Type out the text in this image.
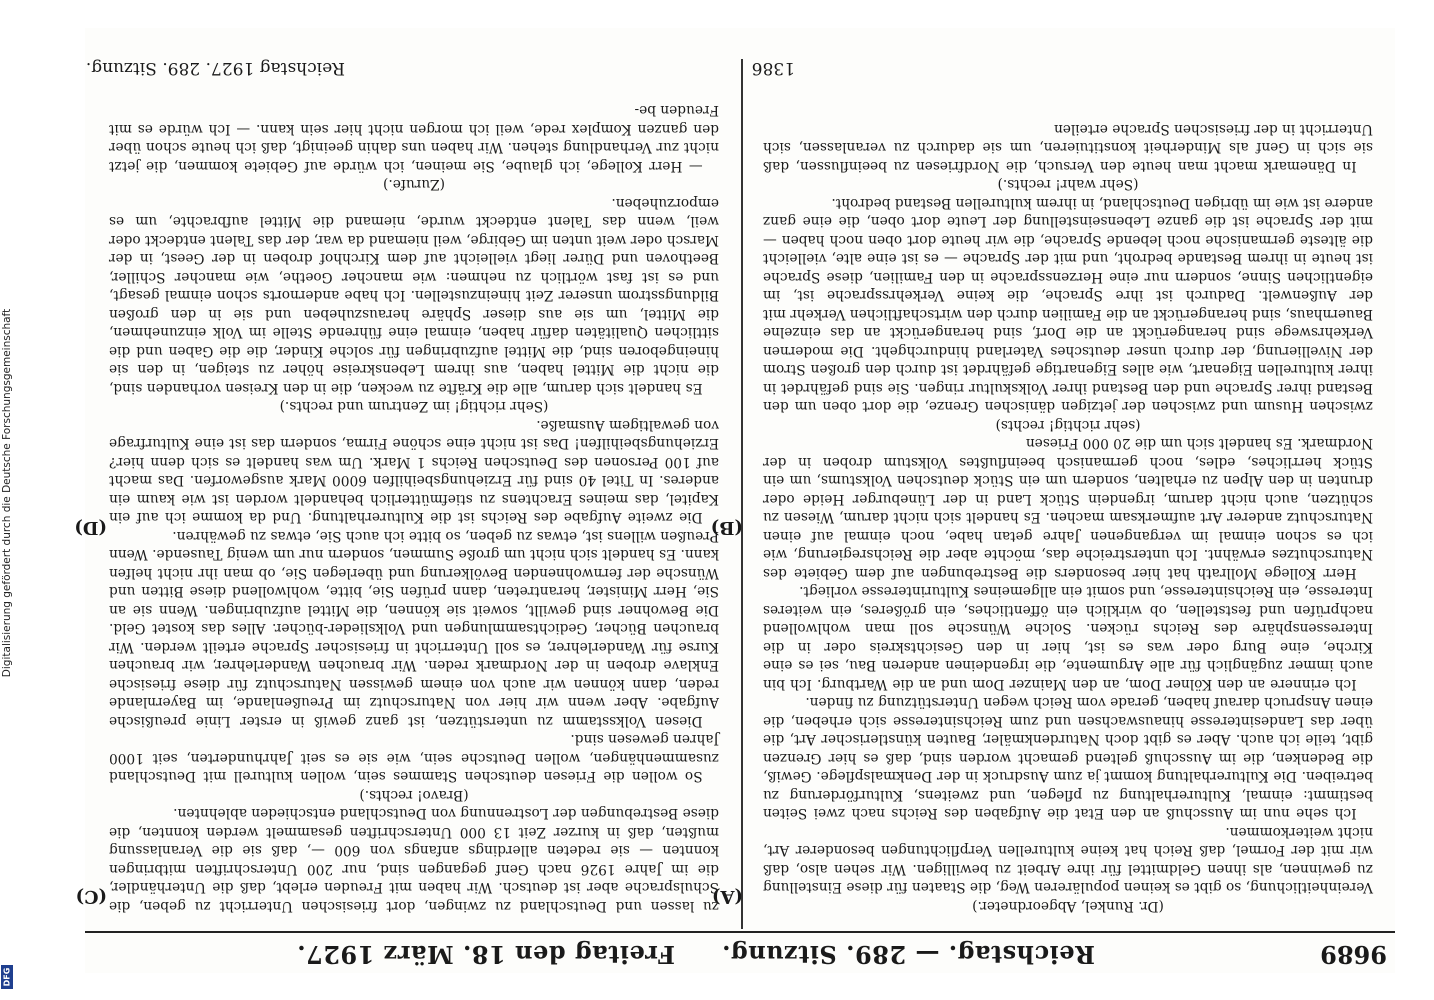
9689
Reichstag. — 289. Sitzung.
Freitag den 18. März 1927.
(A)
(B)
(C)
(D)

(Dr. Runkel, Abgeordneter.)

Vereinheitlichung, so gibt es keinen populäreren Weg, die Staaten für diese Einstellung zu gewinnen, als ihnen Geldmittel für ihre Arbeit zu bewilligen. Wir sehen also, daß wir mit der Formel, daß Reich hat keine kulturellen Verpflichtungen besonderer Art, nicht weiterkommen.

Ich sehe nun im Ausschuß an den Etat die Aufgaben des Reichs nach zwei Seiten bestimmt: einmal, Kulturerhaltung zu pflegen, und zweitens, Kulturförderung zu betreiben. Die Kulturerhaltung kommt ja zum Ausdruck in der Denkmalspflege. Gewiß, die Bedenken, die im Ausschuß geltend gemacht worden sind, daß es hier Grenzen gibt, teile ich auch. Aber es gibt doch Naturdenkmäler, Bauten künstlerischer Art, die über das Landesinteresse hinauswachsen und zum Reichsinteresse sich erheben, die einen Anspruch darauf haben, gerade vom Reich wegen Unterstützung zu finden.

Ich erinnere an den Kölner Dom, an den Mainzer Dom und an die Wartburg. Ich bin auch immer zugänglich für alle Argumente, die irgendeinen anderen Bau, sei es eine Kirche, eine Burg oder was es ist, hier in den Gesichtskreis oder in die Interessensphäre des Reichs rücken. Solche Wünsche soll man wohlwollend nachprüfen und feststellen, ob wirklich ein öffentliches, ein größeres, ein weiteres Interesse, ein Reichsinteresse, und somit ein allgemeines Kulturinteresse vorliegt.

Herr Kollege Mollrath hat hier besonders die Bestrebungen auf dem Gebiete des Naturschutzes erwähnt. Ich unterstreiche das, möchte aber die Reichsregierung, wie ich es schon einmal im vergangenen Jahre getan habe, noch einmal auf einen Naturschutz anderer Art aufmerksam machen. Es handelt sich nicht darum, Wiesen zu schützen, auch nicht darum, irgendein Stück Land in der Lüneburger Heide oder drunten in den Alpen zu erhalten, sondern um ein Stück deutschen Volkstums, um ein Stück herrliches, edles, noch germanisch beeinflußtes Volkstum droben in der Nordmark. Es handelt sich um die 20 000 Friesen

(sehr richtig! rechts)

zwischen Husum und zwischen der jetzigen dänischen Grenze, die dort oben um den Bestand ihrer Sprache und den Bestand ihrer Volkskultur ringen. Sie sind gefährdet in ihrer kulturellen Eigenart, wie alles Eigenartige gefährdet ist durch den großen Strom der Nivellierung, der durch unser deutsches Vaterland hindurchgeht. Die modernen Verkehrswege sind herangerückt an die Dorf, sind herangerückt an das einzelne Bauernhaus, sind herangerückt an die Familien durch den wirtschaftlichen Verkehr mit der Außenwelt. Dadurch ist ihre Sprache, die keine Verkehrssprache ist, im eigentlichen Sinne, sondern nur eine Herzenssprache in den Familien, diese Sprache ist heute in ihrem Bestande bedroht, und mit der Sprache — es ist eine alte, vielleicht die älteste germanische noch lebende Sprache, die wir heute dort oben noch haben — mit der Sprache ist die ganze Lebenseinstellung der Leute dort oben, die eine ganz andere ist wie im übrigen Deutschland, in ihrem kulturellen Bestand bedroht.

(Sehr wahr! rechts.)

In Dänemark macht man heute den Versuch, die Nordfriesen zu beeinflussen, daß sie sich in Genf als Minderheit konstituieren, um sie dadurch zu veranlassen, sich Unterricht in der friesischen Sprache erteilen

zu lassen und Deutschland zu zwingen, dort friesischen Unterricht zu geben, die Schulsprache aber ist deutsch. Wir haben mit Freuden erlebt, daß die Unterhändler, die im Jahre 1926 nach Genf gegangen sind, nur 200 Unterschriften mitbringen konnten — sie redeten allerdings anfangs von 600 —, daß sie die Veranlassung mußten, daß in kurzer Zeit 13 000 Unterschriften gesammelt werden konnten, die diese Bestrebungen der Lostrennung von Deutschland entschieden ablehnten.

(Bravo! rechts.)

So wollen die Friesen deutschen Stammes sein, wollen kulturell mit Deutschland zusammenhängen, wollen Deutsche sein, wie sie es seit Jahrhunderten, seit 1000 Jahren gewesen sind.

Diesen Volksstamm zu unterstützen, ist ganz gewiß in erster Linie preußische Aufgabe. Aber wenn wir hier von Naturschutz im Preußenlande, im Bayernlande reden, dann können wir auch von einem gewissen Naturschutz für diese friesische Enklave droben in der Nordmark reden. Wir brauchen Wanderlehrer, wir brauchen Kurse für Wanderlehrer, es soll Unterricht in friesischer Sprache erteilt werden. Wir brauchen Bücher, Gedichtsammlungen und Volkslieder-bücher. Alles das kostet Geld. Die Bewohner sind gewillt, soweit sie können, die Mittel aufzubringen. Wenn sie an Sie, Herr Minister, herantreten, dann prüfen Sie, bitte, wohlwollend diese Bitten und Wünsche der fernwohnenden Bevölkerung und überlegen Sie, ob man ihr nicht helfen kann. Es handelt sich nicht um große Summen, sondern nur um wenig Tausende. Wenn Preußen willens ist, etwas zu geben, so bitte ich auch Sie, etwas zu gewähren.

Die zweite Aufgabe des Reichs ist die Kulturerhaltung. Und da komme ich auf ein Kapitel, das meines Erachtens zu stiefmütterlich behandelt worden ist wie kaum ein anderes. In Titel 40 sind für Erziehungsbeihilfen 6000 Mark ausgeworfen. Das macht auf 100 Personen des Deutschen Reichs 1 Mark. Um was handelt es sich denn hier? Erziehungsbeihilfen! Das ist nicht eine schöne Firma, sondern das ist eine Kulturfrage von gewaltigem Ausmaße.

(Sehr richtig! im Zentrum und rechts.)

Es handelt sich darum, alle die Kräfte zu wecken, die in den Kreisen vorhanden sind, die nicht die Mittel haben, aus ihrem Lebenskreise höher zu steigen, in den sie hineingeboren sind, die Mittel aufzubringen für solche Kinder, die die Gaben und die sittlichen Qualitäten dafür haben, einmal eine führende Stelle im Volk einzunehmen, die Mittel, um sie aus dieser Sphäre herauszuheben und sie in den großen Bildungsstrom unserer Zeit hineinzustellen. Ich habe andernorts schon einmal gesagt, und es ist fast wörtlich zu nehmen: wie mancher Goethe, wie mancher Schiller, Beethoven und Dürer liegt vielleicht auf dem Kirchhof droben in der Geest, in der Marsch oder weit unten im Gebirge, weil niemand da war, der das Talent entdeckt oder weil, wenn das Talent entdeckt wurde, niemand die Mittel aufbrachte, um es emporzuheben.

(Zurufe.)

— Herr Kollege, ich glaube, Sie meinen, ich würde auf Gebiete kommen, die jetzt nicht zur Verhandlung stehen. Wir haben uns dahin geeinigt, daß ich heute schon über den ganzen Komplex rede, weil ich morgen nicht hier sein kann. — Ich würde es mit Freuden be-

1386
Reichstag 1927. 289. Sitzung.
Digitalisierung gefördert durch die Deutsche Forschungsgemeinschaft
DFG
